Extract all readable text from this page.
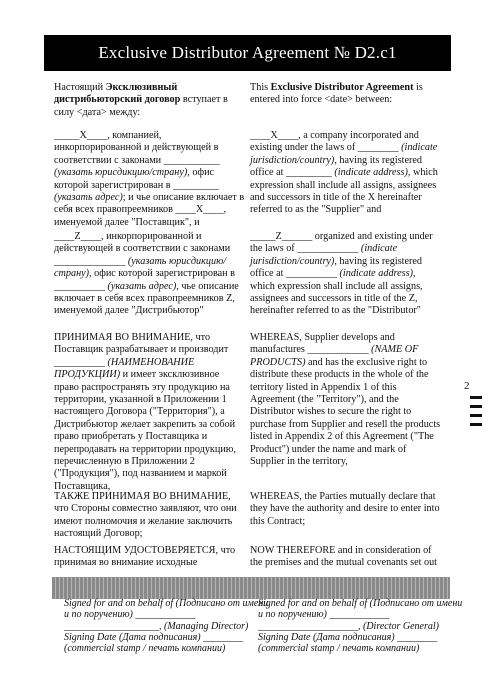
Exclusive Distributor Agreement № D2.c1

Настоящий Эксклюзивный дистрибьюторский договор вступает в силу <дата> между:

_____X____, компанией, инкорпорированной и действующей в соответствии с законами ___________ (указать юрисдикцию/страну), офис которой зарегистрирован в _________ (указать адрес); и чье описание включает в себя всех правопреемников ____X____, именуемой далее "Поставщик", и

____Z____, инкорпорированной и действующей в соответствии с законами ______________ (указать юрисдикцию/страну), офис которой зарегистрирован в __________ (указать адрес), чье описание включает в себя всех правопреемников Z, именуемой далее "Дистрибьютор"

ПРИНИМАЯ ВО ВНИМАНИЕ, что Поставщик разрабатывает и производит __________ (НАИМЕНОВАНИЕ ПРОДУКЦИИ) и имеет эксклюзивное право распространять эту продукцию на территории, указанной в Приложении 1 настоящего Договора ("Территория"), а Дистрибьютор желает закрепить за собой право приобретать у Поставщика и перепродавать на территории продукцию, перечисленную в Приложении 2 ("Продукция"), под названием и маркой Поставщика,

ТАКЖЕ ПРИНИМАЯ ВО ВНИМАНИЕ, что Стороны совместно заявляют, что они имеют полномочия и желание заключить настоящий Договор;

НАСТОЯЩИМ УДОСТОВЕРЯЕТСЯ, что принимая во внимание исходные

This Exclusive Distributor Agreement is entered into force <date> between:

____X____, a company incorporated and existing under the laws of ________ (indicate jurisdiction/country), having its registered office at _________ (indicate address), which expression shall include all assigns, assignees and successors in title of the X hereinafter referred to as the "Supplier" and

_____Z______ organized and existing under the laws of ____________ (indicate jurisdiction/country), having its registered office at __________ (indicate address), which expression shall include all assigns, assignees and successors in title of the Z, hereinafter referred to as the "Distributor"

WHEREAS, Supplier develops and manufactures ____________ (NAME OF PRODUCTS) and has the exclusive right to distribute these products in the whole of the territory listed in Appendix 1 of this Agreement (the "Territory"), and the Distributor wishes to secure the right to purchase from Supplier and resell the products listed in Appendix 2 of this Agreement ("The Product") under the name and mark of Supplier in the territory,

WHEREAS, the Parties mutually declare that they have the authority and desire to enter into this Contract;

NOW THEREFORE and in consideration of the premises and the mutual covenants set out

2

Signed for and on behalf of (Подписано от имени и по поручению) ____________

___________________, (Managing Director)

Signing Date (Дата подписания) ________

(commercial stamp / печать компании)

Signed for and on behalf of (Подписано от имени и по поручению) ____________

____________________, (Director General)

Signing Date (Дата подписания) ________

(commercial stamp / печать компании)
